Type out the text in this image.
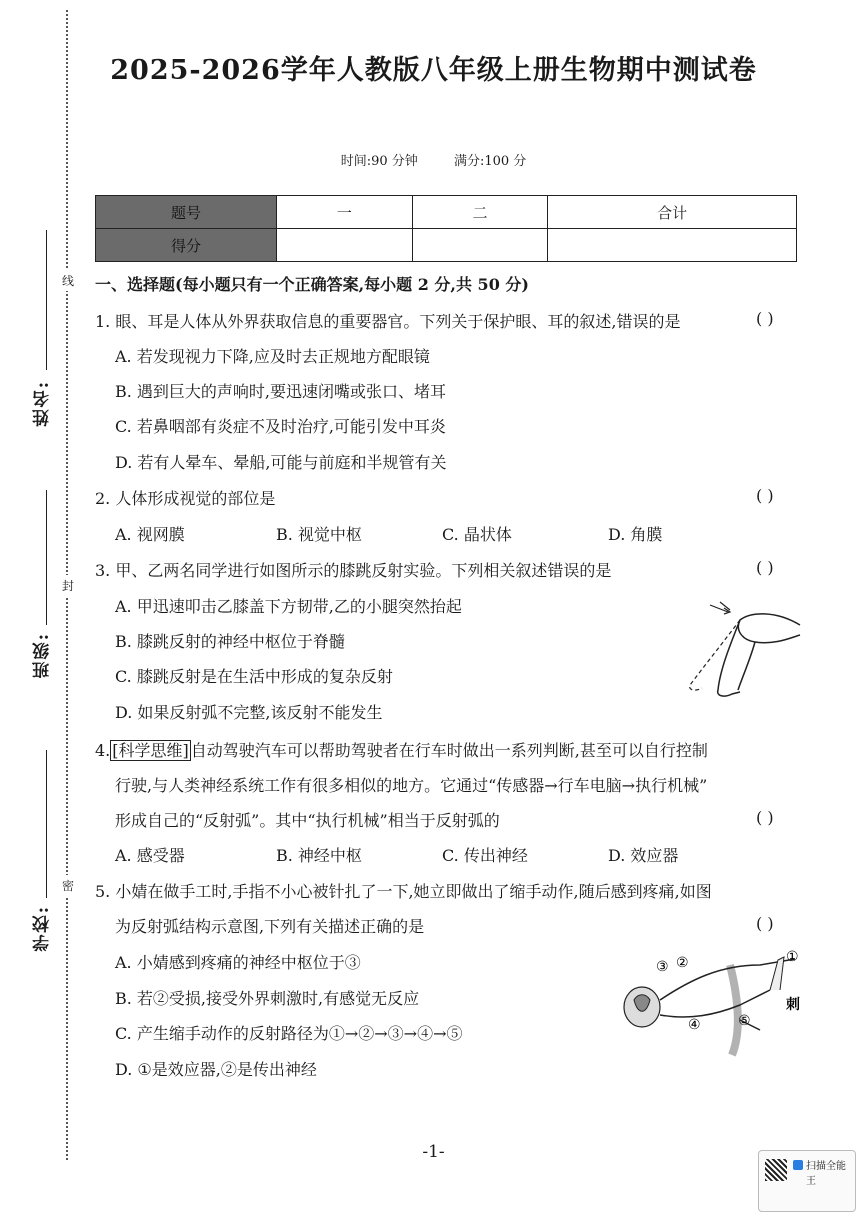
线
封
密
姓名:
班级:
学校:
2025-2026学年人教版八年级上册生物期中测试卷
时间:90 分钟	满分:100 分
题号	一	二	合计
得分			
一、选择题(每小题只有一个正确答案,每小题 2 分,共 50 分)
1. 眼、耳是人体从外界获取信息的重要器官。下列关于保护眼、耳的叙述,错误的是	( )
A. 若发现视力下降,应及时去正规地方配眼镜
B. 遇到巨大的声响时,要迅速闭嘴或张口、堵耳
C. 若鼻咽部有炎症不及时治疗,可能引发中耳炎
D. 若有人晕车、晕船,可能与前庭和半规管有关
2. 人体形成视觉的部位是	( )
A. 视网膜	B. 视觉中枢	C. 晶状体	D. 角膜
3. 甲、乙两名同学进行如图所示的膝跳反射实验。下列相关叙述错误的是	( )
A. 甲迅速叩击乙膝盖下方韧带,乙的小腿突然抬起
B. 膝跳反射的神经中枢位于脊髓
C. 膝跳反射是在生活中形成的复杂反射
D. 如果反射弧不完整,该反射不能发生
4. [科学思维] 自动驾驶汽车可以帮助驾驶者在行车时做出一系列判断,甚至可以自行控制
行驶,与人类神经系统工作有很多相似的地方。它通过“传感器→行车电脑→执行机械”
形成自己的“反射弧”。其中“执行机械”相当于反射弧的	( )
A. 感受器	B. 神经中枢	C. 传出神经	D. 效应器
5. 小婧在做手工时,手指不小心被针扎了一下,她立即做出了缩手动作,随后感到疼痛,如图
为反射弧结构示意图,下列有关描述正确的是	( )
A. 小婧感到疼痛的神经中枢位于③
B. 若②受损,接受外界刺激时,有感觉无反应
C. 产生缩手动作的反射路径为①→②→③→④→⑤
D. ①是效应器,②是传出神经
③ ②	①
④	⑤
刺
-1-
扫描全能王
